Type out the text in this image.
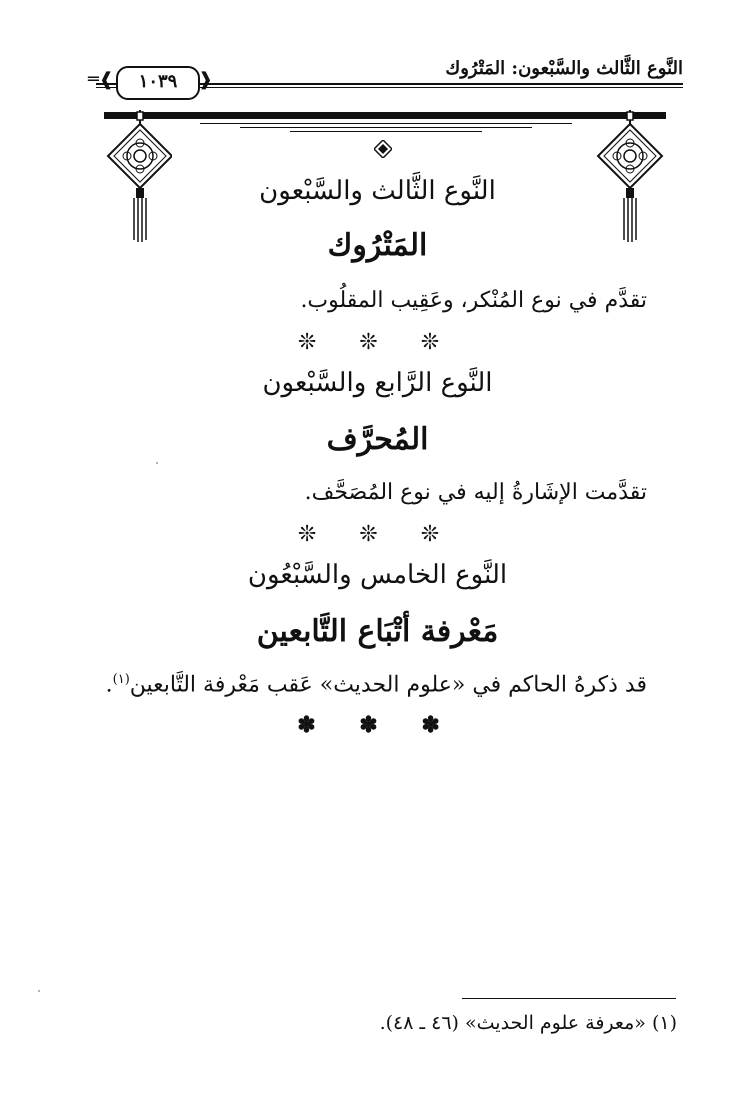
النَّوع الثَّالث والسَّبْعون: المَتْرُوك
═❰	١٠٣٩	❱
النَّوع الثَّالث والسَّبْعون
المَتْرُوك
تقدَّم في نوع المُنْكر، وعَقِيب المقلُوب.
❊ ❊ ❊
النَّوع الرَّابع والسَّبْعون
المُحرَّف
تقدَّمت الإشَارةُ إليه في نوع المُصَحَّف.
❊ ❊ ❊
النَّوع الخامس والسَّبْعُون
مَعْرفة أتْبَاع التَّابعين
قد ذكرهُ الحاكم في «علوم الحديث» عَقب مَعْرفة التَّابعين$^{(١)}$.
✽ ✽ ✽
(١) «معرفة علوم الحديث» (٤٦ ـ ٤٨).
